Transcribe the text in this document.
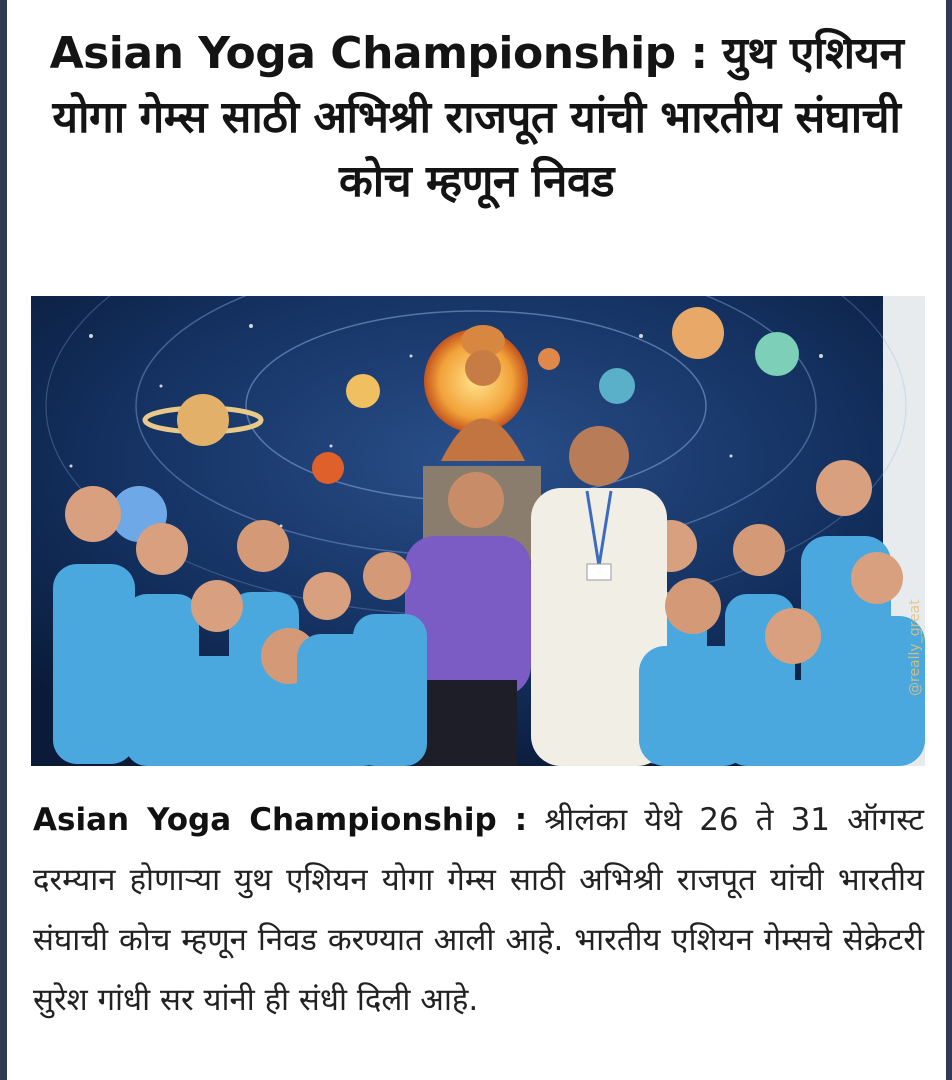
Asian Yoga Championship : युथ एशियन योगा गेम्स साठी अभिश्री राजपूत यांची भारतीय संघाची कोच म्हणून निवड
@really_great

Asian Yoga Championship : श्रीलंका येथे 26 ते 31 ऑगस्ट दरम्यान होणाऱ्या युथ एशियन योगा गेम्स साठी अभिश्री राजपूत यांची भारतीय संघाची कोच म्हणून निवड करण्यात आली आहे. भारतीय एशियन गेम्सचे सेक्रेटरी सुरेश गांधी सर यांनी ही संधी दिली आहे.
